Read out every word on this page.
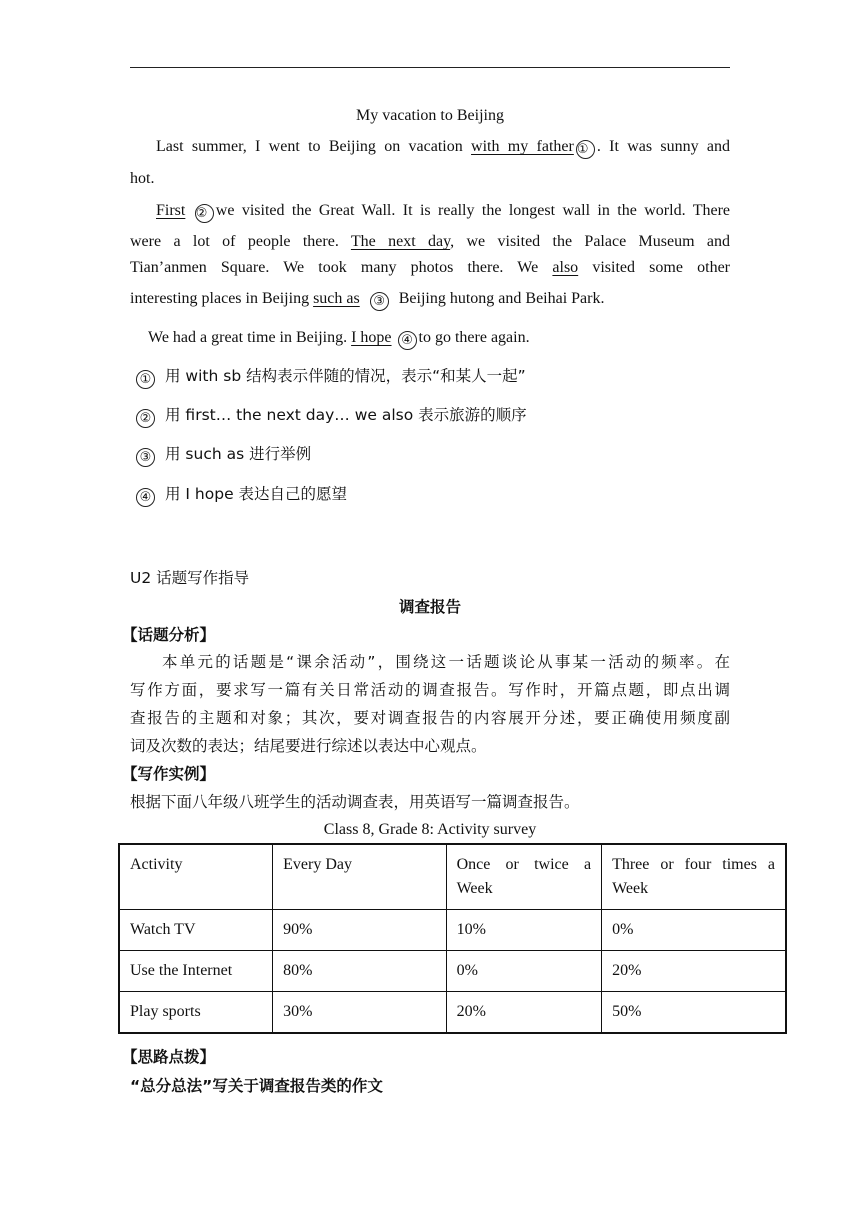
My vacation to Beijing
Last summer, I went to Beijing on vacation with my father ① . It was sunny and
hot.
First ② we visited the Great Wall. It is really the longest wall in the world. There
were a lot of people there. The next day, we visited the Palace Museum and
Tian’anmen Square. We took many photos there. We also visited some other
interesting places in Beijing such as ③  Beijing hutong and Beihai Park.
We had a great time in Beijing. I hope ④ to go there again.
① 用 with sb 结构表示伴随的情况，表示“和某人一起”
② 用 first… the next day… we also 表示旅游的顺序
③ 用 such as 进行举例
④ 用 I hope 表达自己的愿望
U2 话题写作指导
调查报告
【话题分析】
本单元的话题是“课余活动”，围绕这一话题谈论从事某一活动的频率。在
写作方面，要求写一篇有关日常活动的调查报告。写作时，开篇点题，即点出调
查报告的主题和对象；其次，要对调查报告的内容展开分述，要正确使用频度副
词及次数的表达；结尾要进行综述以表达中心观点。
【写作实例】
根据下面八年级八班学生的活动调查表，用英语写一篇调查报告。
Class 8, Grade 8: Activity survey
Activity	Every Day	Once or twice a Week	Three or four times a Week
Watch TV	90%	10%	0%
Use the Internet	80%	0%	20%
Play sports	30%	20%	50%
【思路点拨】
“总分总法”写关于调查报告类的作文
